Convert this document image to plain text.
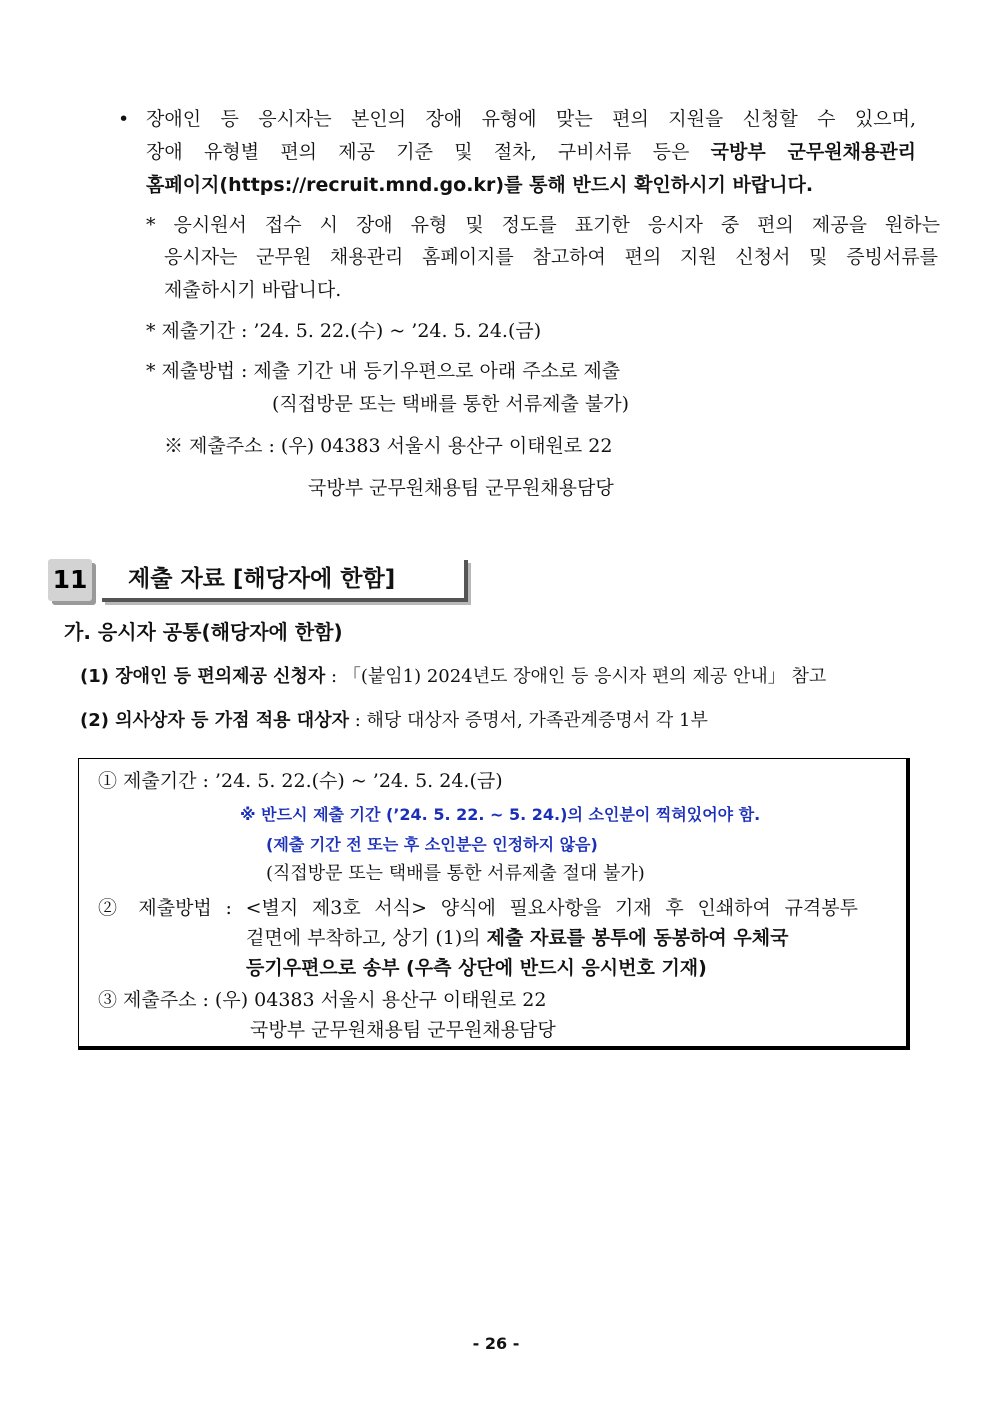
• 장애인 등 응시자는 본인의 장애 유형에 맞는 편의 지원을 신청할 수 있으며,
장애 유형별 편의 제공 기준 및 절차, 구비서류 등은 국방부 군무원채용관리
홈페이지(https://recruit.mnd.go.kr)를 통해 반드시 확인하시기 바랍니다.
* 응시원서 접수 시 장애 유형 및 정도를 표기한 응시자 중 편의 제공을 원하는
응시자는 군무원 채용관리 홈페이지를 참고하여 편의 지원 신청서 및 증빙서류를
제출하시기 바랍니다.
* 제출기간 : ’24. 5. 22.(수) ~ ’24. 5. 24.(금)
* 제출방법 : 제출 기간 내 등기우편으로 아래 주소로 제출
(직접방문 또는 택배를 통한 서류제출 불가)
※ 제출주소 : (우) 04383 서울시 용산구 이태원로 22
국방부 군무원채용팀 군무원채용담당
11 제출 자료 [해당자에 한함]
가. 응시자 공통(해당자에 한함)
(1) 장애인 등 편의제공 신청자 : 「(붙임1) 2024년도 장애인 등 응시자 편의 제공 안내」 참고
(2) 의사상자 등 가점 적용 대상자 : 해당 대상자 증명서, 가족관계증명서 각 1부
① 제출기간 : ’24. 5. 22.(수) ~ ’24. 5. 24.(금)
※ 반드시 제출 기간 (’24. 5. 22. ~ 5. 24.)의 소인분이 찍혀있어야 함.
(제출 기간 전 또는 후 소인분은 인정하지 않음)
(직접방문 또는 택배를 통한 서류제출 절대 불가)
② 제출방법 : <별지 제3호 서식> 양식에 필요사항을 기재 후 인쇄하여 규격봉투
겉면에 부착하고, 상기 (1)의 제출 자료를 봉투에 동봉하여 우체국
등기우편으로 송부 (우측 상단에 반드시 응시번호 기재)
③ 제출주소 : (우) 04383 서울시 용산구 이태원로 22
국방부 군무원채용팀 군무원채용담당
- 26 -
